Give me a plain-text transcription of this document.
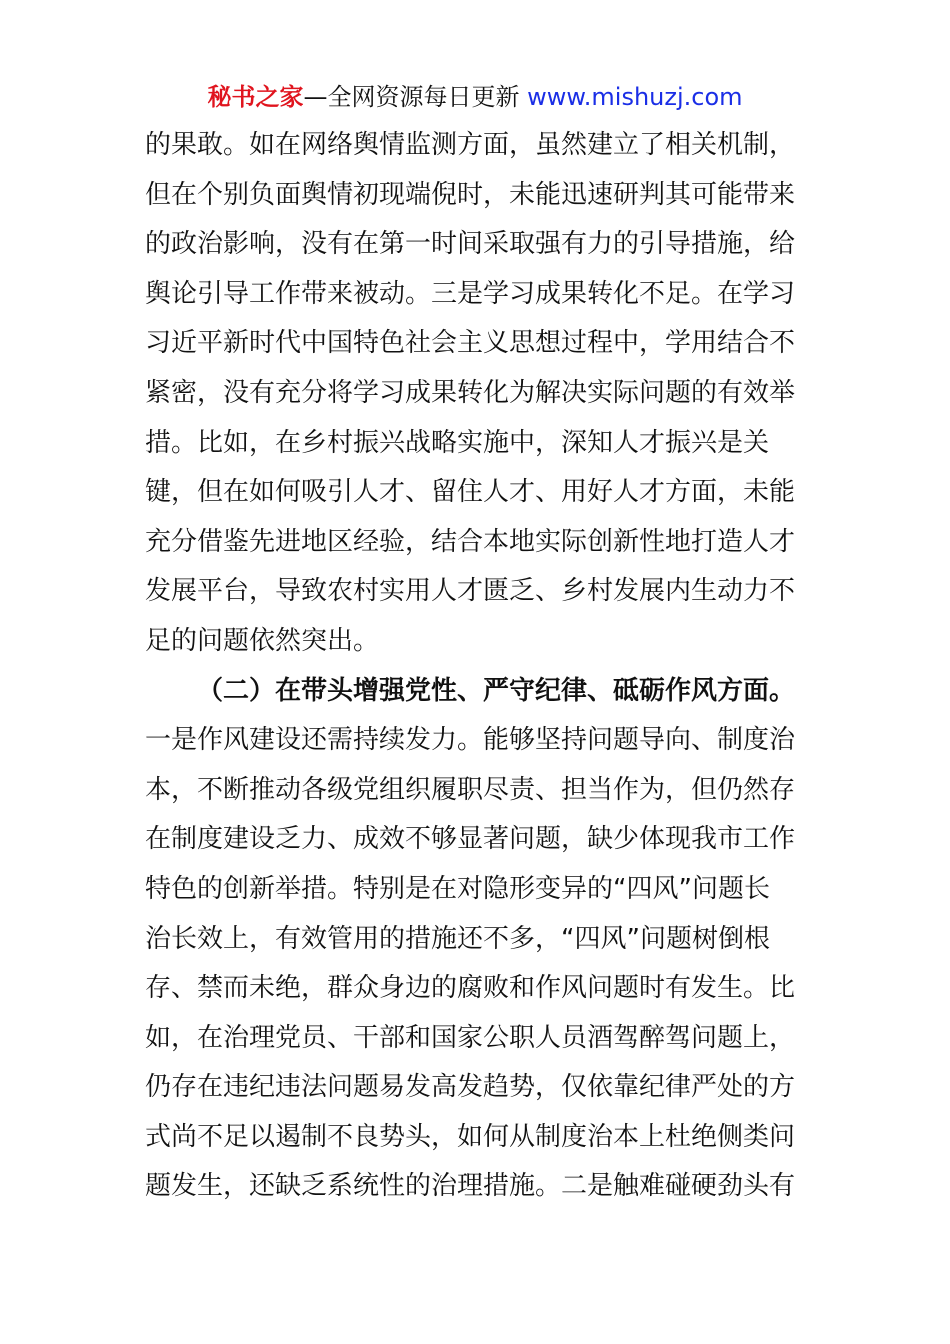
秘书之家—全网资源每日更新 www.mishuzj.com
的果敢。如在网络舆情监测方面，虽然建立了相关机制，
但在个别负面舆情初现端倪时，未能迅速研判其可能带来
的政治影响，没有在第一时间采取强有力的引导措施，给
舆论引导工作带来被动。三是学习成果转化不足。在学习
习近平新时代中国特色社会主义思想过程中，学用结合不
紧密，没有充分将学习成果转化为解决实际问题的有效举
措。比如，在乡村振兴战略实施中，深知人才振兴是关
键，但在如何吸引人才、留住人才、用好人才方面，未能
充分借鉴先进地区经验，结合本地实际创新性地打造人才
发展平台，导致农村实用人才匮乏、乡村发展内生动力不
足的问题依然突出。
（二）在带头增强党性、严守纪律、砥砺作风方面。
一是作风建设还需持续发力。能够坚持问题导向、制度治
本，不断推动各级党组织履职尽责、担当作为，但仍然存
在制度建设乏力、成效不够显著问题，缺少体现我市工作
特色的创新举措。特别是在对隐形变异的“四风”问题长
治长效上，有效管用的措施还不多，“四风”问题树倒根
存、禁而未绝，群众身边的腐败和作风问题时有发生。比
如，在治理党员、干部和国家公职人员酒驾醉驾问题上，
仍存在违纪违法问题易发高发趋势，仅依靠纪律严处的方
式尚不足以遏制不良势头，如何从制度治本上杜绝侧类问
题发生，还缺乏系统性的治理措施。二是触难碰硬劲头有
